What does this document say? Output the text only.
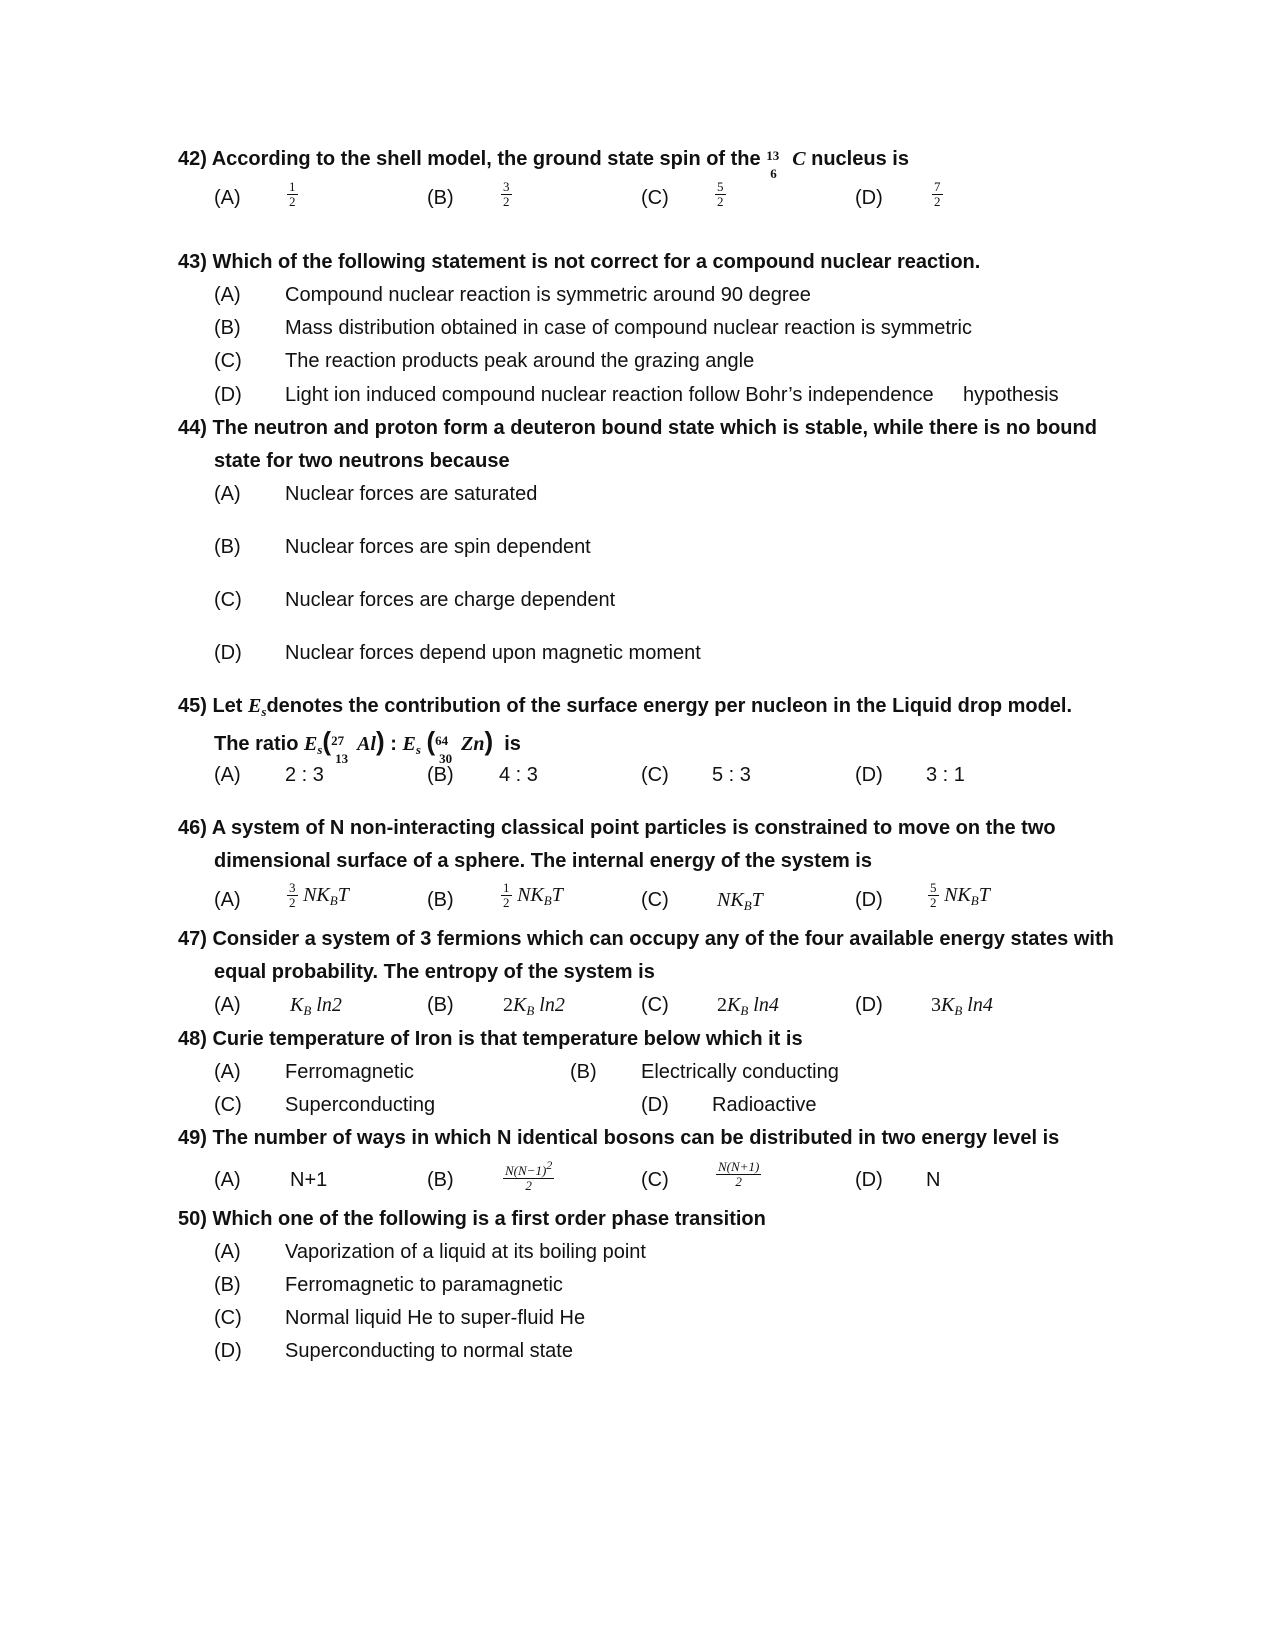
42) According to the shell model, the ground state spin of the 13
6
C nucleus is
(A)	$\frac{1}{2}$	(B)	$\frac{3}{2}$	(C)	$\frac{5}{2}$	(D)	$\frac{7}{2}$
43) Which of the following statement is not correct for a compound nuclear reaction.
(A) Compound nuclear reaction is symmetric around 90 degree
(B) Mass distribution obtained in case of compound nuclear reaction is symmetric
(C) The reaction products peak around the grazing angle
(D) Light ion induced compound nuclear reaction follow Bohr’s independence hypothesis
44) The neutron and proton form a deuteron bound state which is stable, while there is no bound
state for two neutrons because
(A) Nuclear forces are saturated
(B) Nuclear forces are spin dependent
(C) Nuclear forces are charge dependent
(D) Nuclear forces depend upon magnetic moment
45) Let $E_sdenotes$ the contribution of the surface energy per nucleon in the Liquid drop model.
The ratio $E_s$( 27
13
Al) : $E_s$ ( 64
30
Zn) is
(A) 2 : 3	(B) 4 : 3	(C) 5 : 3	(D) 3 : 1
46) A system of N non-interacting classical point particles is constrained to move on the two
dimensional surface of a sphere. The internal energy of the system is
(A)	$\frac{3}{2} NK_BT$	(B)	$\frac{1}{2} NK_BT$	(C) $NK_BT$	(D)	$\frac{5}{2} NK_BT$
47) Consider a system of 3 fermions which can occupy any of the four available energy states with
equal probability. The entropy of the system is
(A) $K_B$ ln2	(B) $2K_B$ ln2	(C) $2K_B$ ln4	(D) $3K_B$ ln4
48) Curie temperature of Iron is that temperature below which it is
(A) Ferromagnetic	(B) Electrically conducting
(C) Superconducting	(D) Radioactive
49) The number of ways in which N identical bosons can be distributed in two energy level is
(A) N+1	(B)	$\frac{N(N-1)2}{2}$	(C)	$\frac{N(N+1)}{2}$	(D) N
50) Which one of the following is a first order phase transition
(A) Vaporization of a liquid at its boiling point
(B) Ferromagnetic to paramagnetic
(C) Normal liquid He to super-fluid He
(D) Superconducting to normal state
